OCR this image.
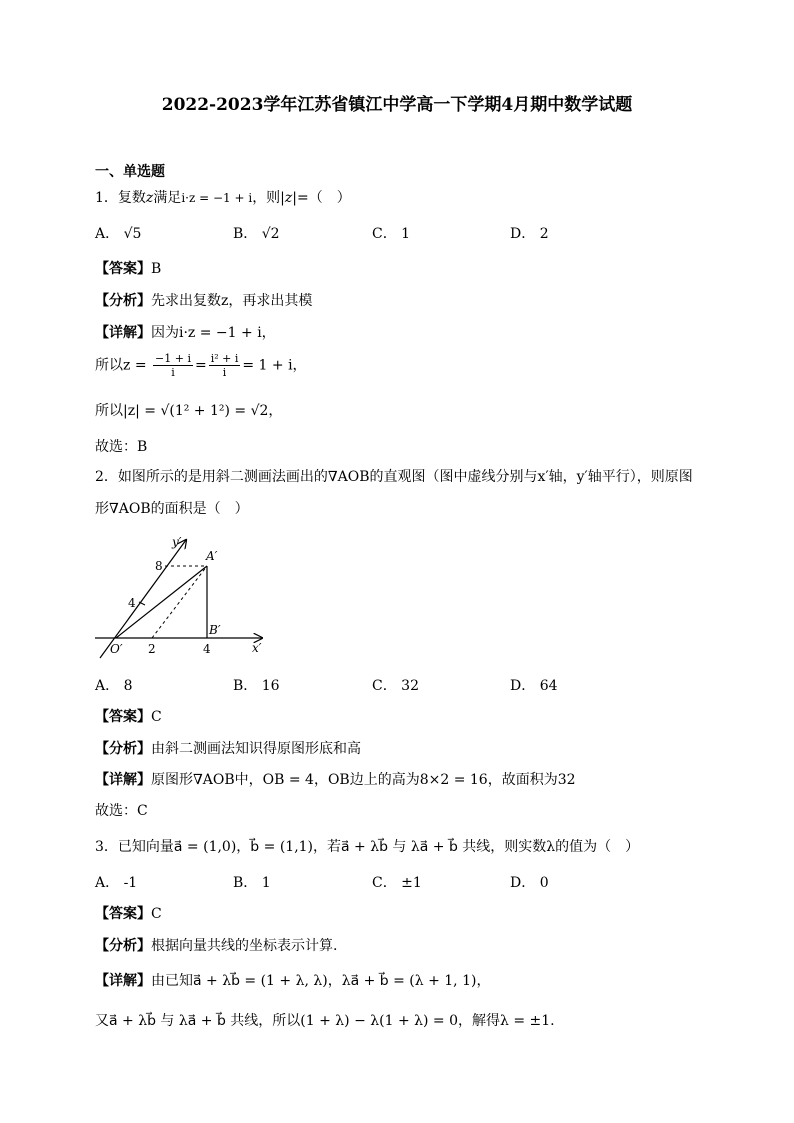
2022-2023学年江苏省镇江中学高一下学期4月期中数学试题
一、单选题
1．复数z满足i·z = −1 + i，则|z|=（　）
A． √5	B． √2	C． 1	D． 2
【答案】B
【分析】先求出复数z，再求出其模
【详解】因为i·z = −1 + i，
所以$z = \frac{-1 + i}{i} = \frac{\text{i² + i}}{i} = 1 + i$，
所以|z| = √(1² + 1²) = √2，
故选：B
2．如图所示的是用斜二测画法画出的∇AOB的直观图（图中虚线分别与x′轴，y′轴平行），则原图
形∇AOB的面积是（　）
y′
A′
8
4
B′
O′ 2	4	x′
A． 8	B． 16	C． 32	D． 64
【答案】C
【分析】由斜二测画法知识得原图形底和高
【详解】原图形∇AOB中，OB = 4，OB边上的高为8×2 = 16，故面积为32
故选：C
3．已知向量a⃗ = (1,0)，b⃗ = (1,1)，若a⃗ + λb⃗ 与 λa⃗ + b⃗ 共线，则实数λ的值为（　）
A． -1	B． 1	C． ±1	D． 0
【答案】C
【分析】根据向量共线的坐标表示计算.
【详解】由已知a⃗ + λb⃗ = (1 + λ, λ)，λa⃗ + b⃗ = (λ + 1, 1)，
又a⃗ + λb⃗ 与 λa⃗ + b⃗ 共线，所以(1 + λ) − λ(1 + λ) = 0，解得λ = ±1.
